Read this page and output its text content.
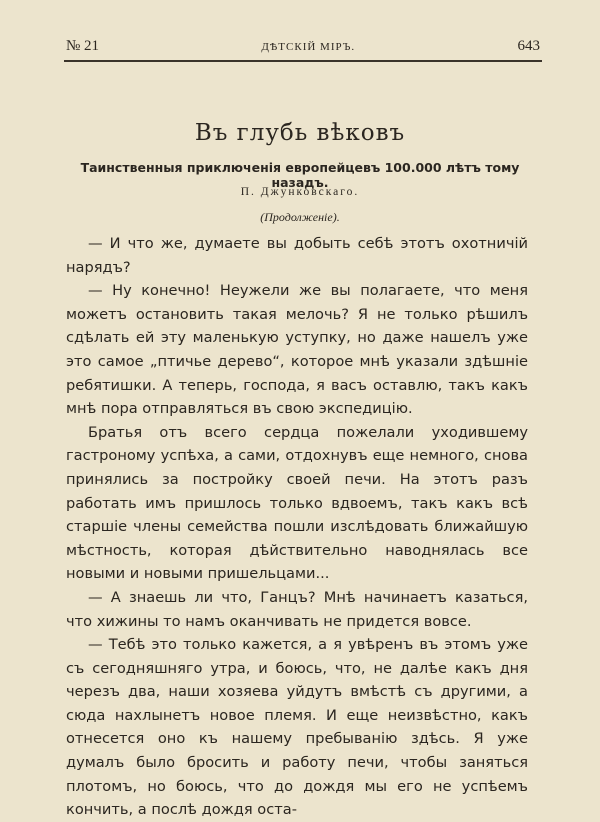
№ 21	ДѢТСКІЙ МІРЪ.	643
Въ глубь вѣковъ
Таинственныя приключенія европейцевъ 100.000 лѣтъ тому назадъ.
П. Джунковскаго.
(Продолженіе).

— И что же, думаете вы добыть себѣ этотъ охотничій нарядъ?

— Ну конечно! Неужели же вы полагаете, что меня можетъ остановить такая мелочь? Я не только рѣшилъ сдѣлать ей эту маленькую уступку, но даже нашелъ уже это самое „птичье дерево“, которое мнѣ указали здѣшніе ребятишки. А теперь, господа, я васъ оставлю, такъ какъ мнѣ пора отправляться въ свою экспедицію.

Братья отъ всего сердца пожелали уходившему гастроному успѣха, а сами, отдохнувъ еще немного, снова принялись за постройку своей печи. На этотъ разъ работать имъ пришлось только вдвоемъ, такъ какъ всѣ старшіе члены семейства пошли изслѣдовать ближайшую мѣстность, которая дѣйствительно наводнялась все новыми и новыми пришельцами...

— А знаешь ли что, Ганцъ? Мнѣ начинаетъ казаться, что хижины то намъ оканчивать не придется вовсе.

— Тебѣ это только кажется, а я увѣренъ въ этомъ уже съ сегодняшняго утра, и боюсь, что, не далѣе какъ дня черезъ два, наши хозяева уйдутъ вмѣстѣ съ другими, а сюда нахлынетъ новое племя. И еще неизвѣстно, какъ отнесется оно къ нашему пребыванію здѣсь. Я уже думалъ было бросить и работу печи, чтобы заняться плотомъ, но боюсь, что до дождя мы его не успѣемъ кончить, а послѣ дождя оста-
